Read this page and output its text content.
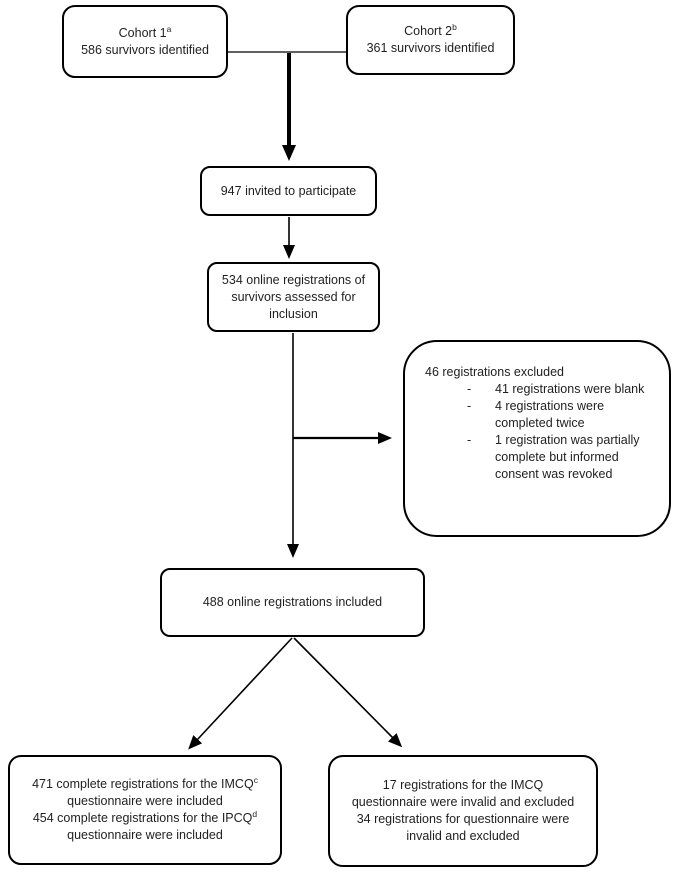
Cohort 1$^a$
586 survivors identified
Cohort 2$^b$
361 survivors identified
947 invited to participate
534 online registrations of survivors assessed for inclusion
46 registrations excluded
-	41 registrations were blank
-	4 registrations were completed twice
-	1 registration was partially complete but informed consent was revoked
488 online registrations included
471 complete registrations for the IMCQ$^c$ questionnaire were included
454 complete registrations for the IPCQ$^d$ questionnaire were included
17 registrations for the IMCQ questionnaire were invalid and excluded
34 registrations for questionnaire were invalid and excluded
